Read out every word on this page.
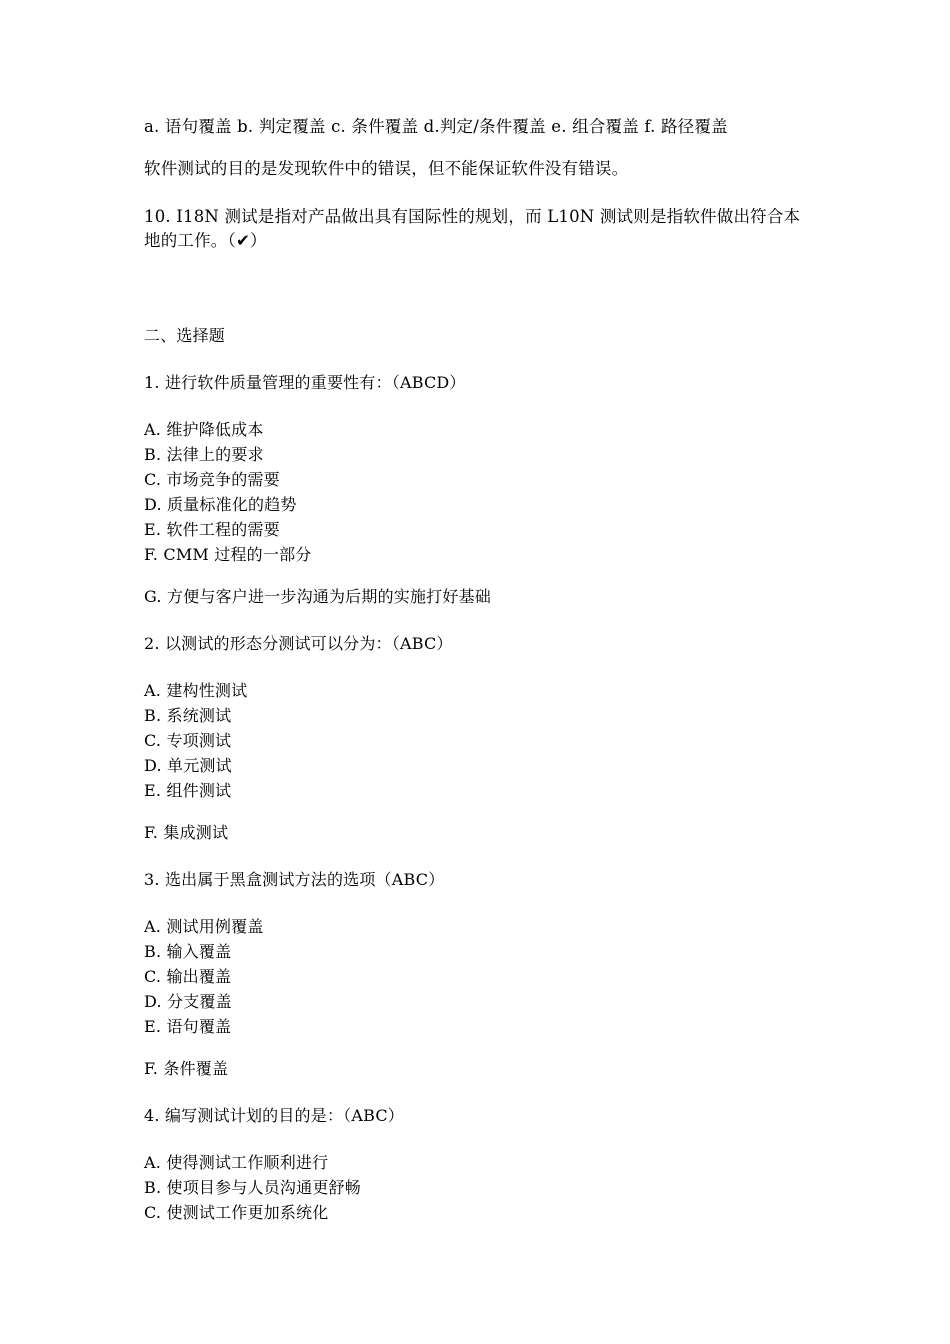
a. 语句覆盖 b. 判定覆盖 c. 条件覆盖 d.判定/条件覆盖 e. 组合覆盖 f. 路径覆盖
软件测试的目的是发现软件中的错误，但不能保证软件没有错误。
10. I18N 测试是指对产品做出具有国际性的规划，而 L10N 测试则是指软件做出符合本
地的工作。（✔）
二、选择题
1. 进行软件质量管理的重要性有：（ABCD）
A. 维护降低成本
B. 法律上的要求
C. 市场竞争的需要
D. 质量标准化的趋势
E. 软件工程的需要
F. CMM 过程的一部分
G. 方便与客户进一步沟通为后期的实施打好基础
2. 以测试的形态分测试可以分为：（ABC）
A. 建构性测试
B. 系统测试
C. 专项测试
D. 单元测试
E. 组件测试
F. 集成测试
3. 选出属于黑盒测试方法的选项（ABC）
A. 测试用例覆盖
B. 输入覆盖
C. 输出覆盖
D. 分支覆盖
E. 语句覆盖
F. 条件覆盖
4. 编写测试计划的目的是：（ABC）
A. 使得测试工作顺利进行
B. 使项目参与人员沟通更舒畅
C. 使测试工作更加系统化
